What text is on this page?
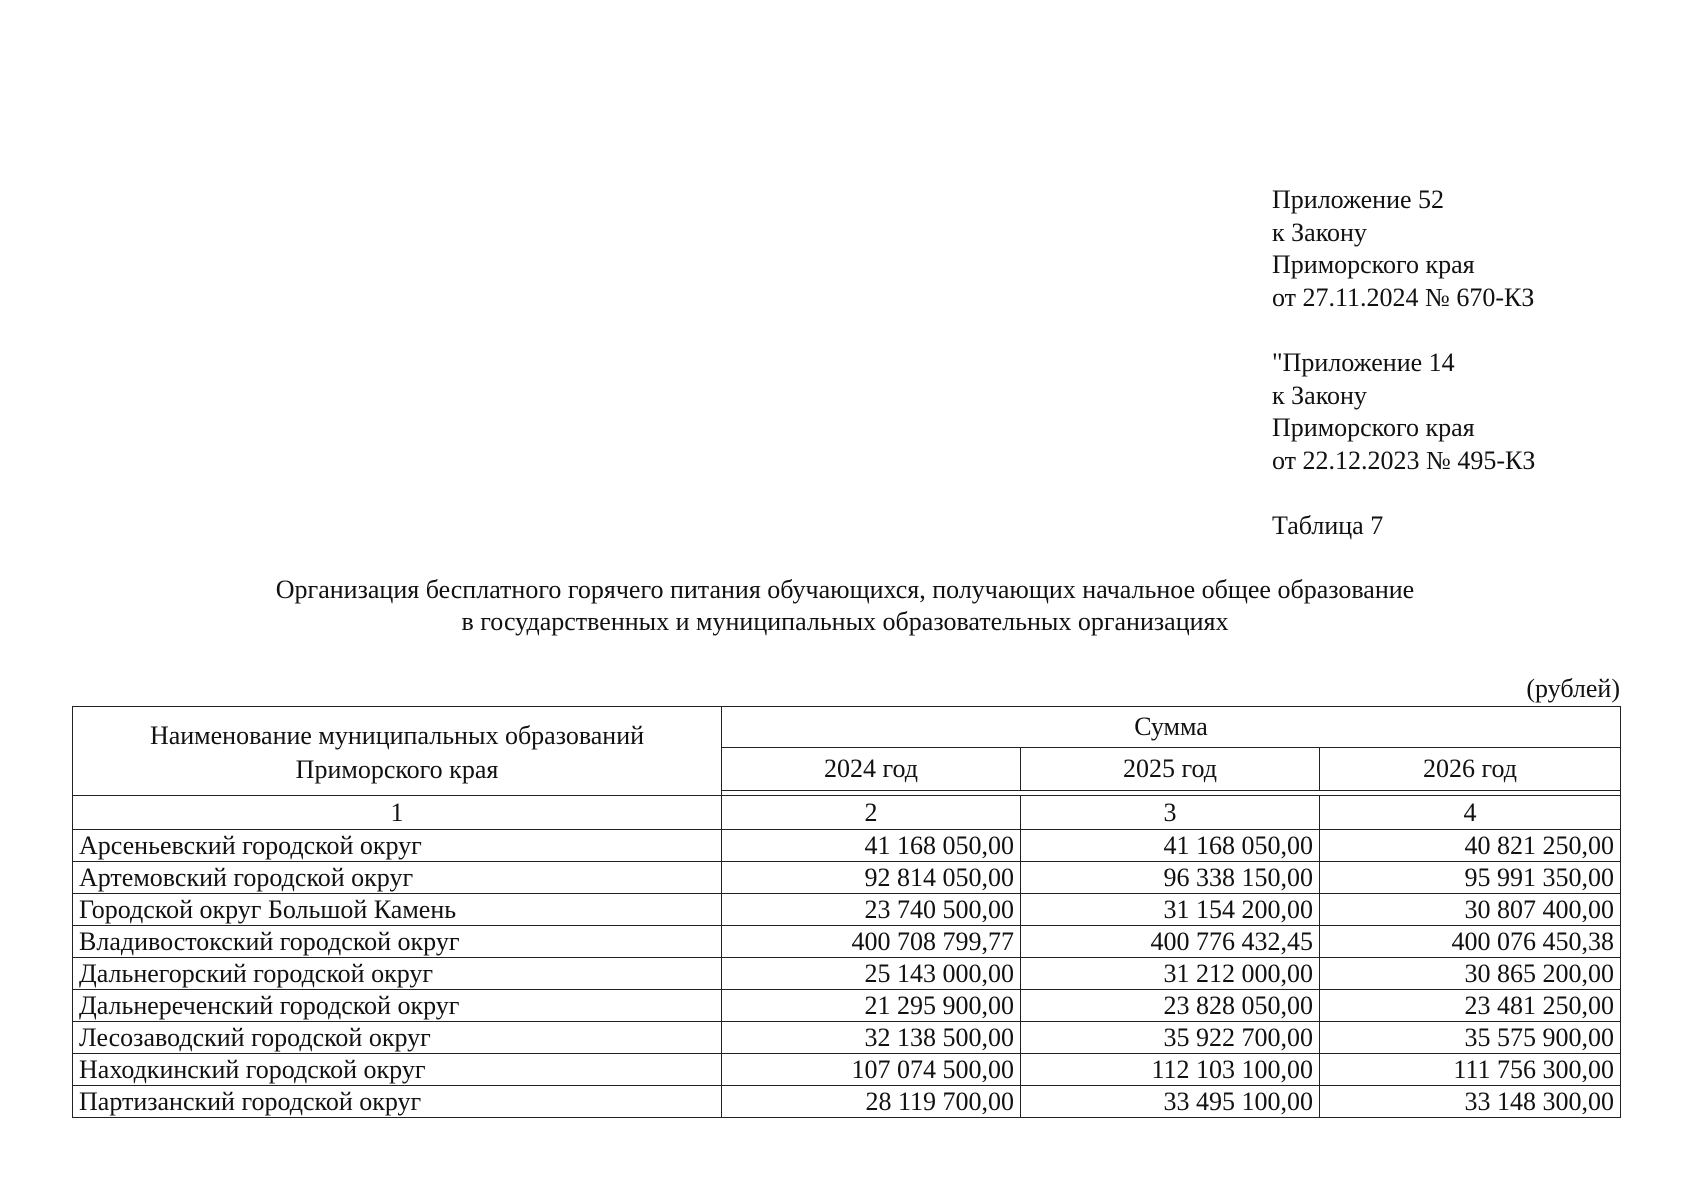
Приложение 52
к Закону
Приморского края
от 27.11.2024 № 670-КЗ
"Приложение 14
к Закону
Приморского края
от 22.12.2023 № 495-КЗ
Таблица 7
Организация бесплатного горячего питания обучающихся, получающих начальное общее образование
в государственных и муниципальных образовательных организациях
(рублей)
Наименование муниципальных образований
Приморского края	Сумма		
	2024 год	2025 год	2026 год

1	2	3	4
Арсеньевский городской округ	41 168 050,00	41 168 050,00	40 821 250,00
Артемовский городской округ	92 814 050,00	96 338 150,00	95 991 350,00
Городской округ Большой Камень	23 740 500,00	31 154 200,00	30 807 400,00
Владивостокский городской округ	400 708 799,77	400 776 432,45	400 076 450,38
Дальнегорский городской округ	25 143 000,00	31 212 000,00	30 865 200,00
Дальнереченский городской округ	21 295 900,00	23 828 050,00	23 481 250,00
Лесозаводский городской округ	32 138 500,00	35 922 700,00	35 575 900,00
Находкинский городской округ	107 074 500,00	112 103 100,00	111 756 300,00
Партизанский городской округ	28 119 700,00	33 495 100,00	33 148 300,00
